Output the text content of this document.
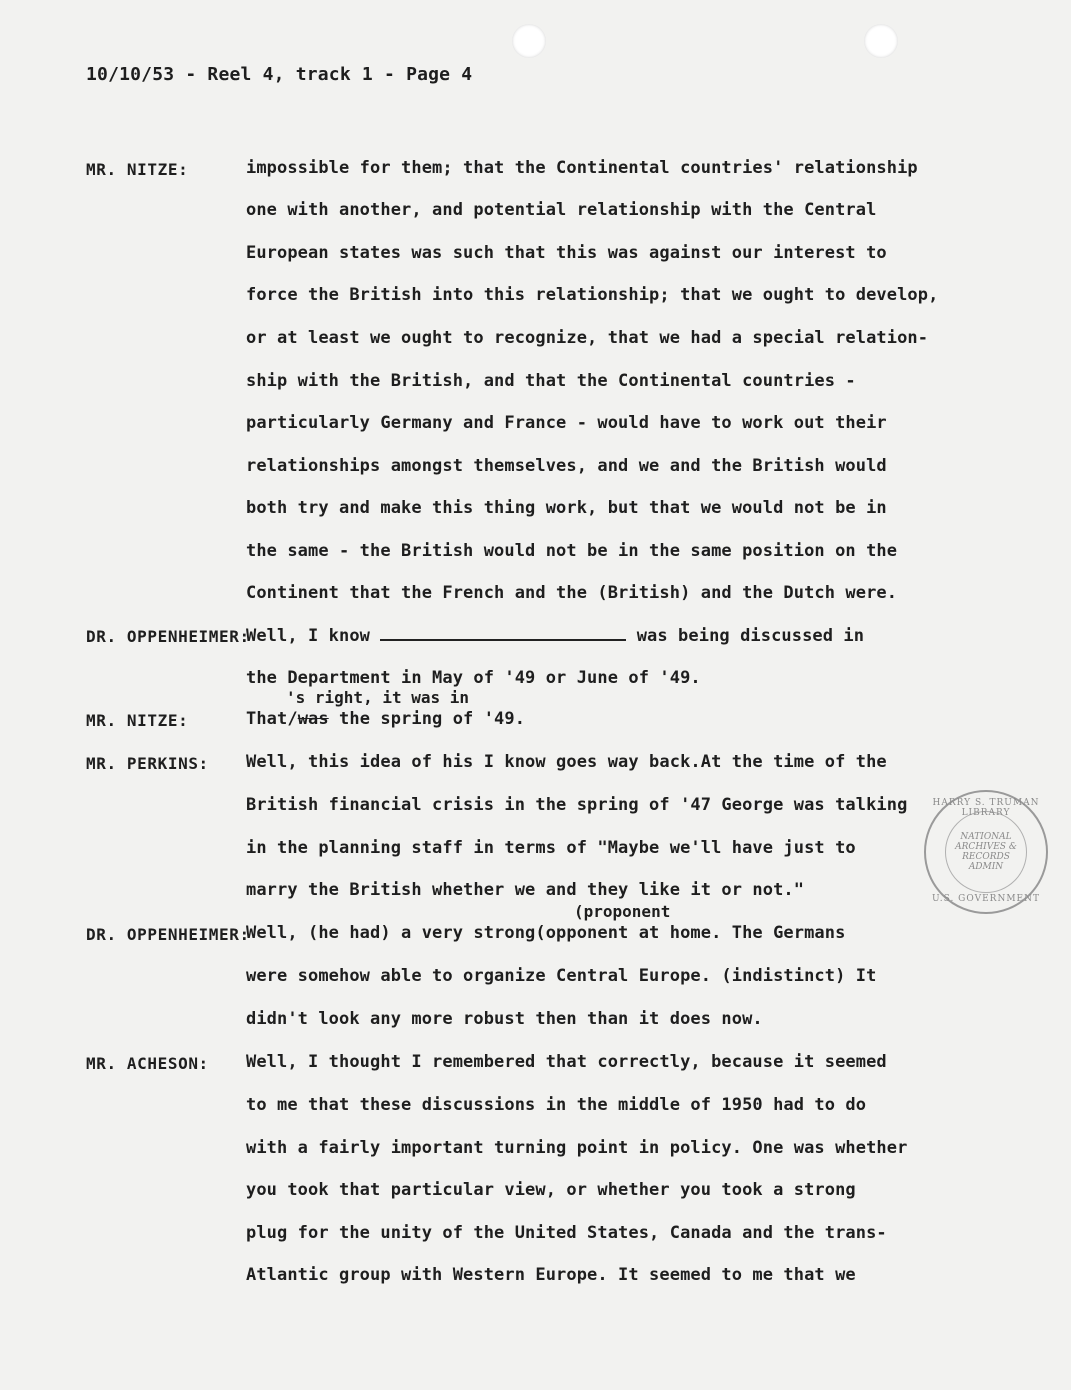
10/10/53 - Reel 4, track 1 - Page 4
MR. NITZE:	impossible for them; that the Continental countries' relationship
one with another, and potential relationship with the Central
European states was such that this was against our interest to
force the British into this relationship; that we ought to develop,
or at least we ought to recognize, that we had a special relation-
ship with the British, and that the Continental countries -
particularly Germany and France - would have to work out their
relationships amongst themselves, and we and the British would
both try and make this thing work, but that we would not be in
the same - the British would not be in the same position on the
Continent that the French and the (British) and the Dutch were.
DR. OPPENHEIMER:
Well, I know	was being discussed in
the Department in May of '49 or June of '49.
's right, it was in
MR. NITZE:	That/was the spring of '49.
MR. PERKINS: Well, this idea of his I know goes way back.At the time of the
British financial crisis in the spring of '47 George was talking
in the planning staff in terms of "Maybe we'll have just to
marry the British whether we and they like it or not."
(proponent
DR. OPPENHEIMER:
Well, (he had) a very strong(opponent at home. The Germans
were somehow able to organize Central Europe. (indistinct) It
didn't look any more robust then than it does now.
MR. ACHESON: Well, I thought I remembered that correctly, because it seemed
to me that these discussions in the middle of 1950 had to do
with a fairly important turning point in policy. One was whether
you took that particular view, or whether you took a strong
plug for the unity of the United States, Canada and the trans-
Atlantic group with Western Europe. It seemed to me that we
HARRY S. TRUMAN LIBRARY
NATIONAL
ARCHIVES &
RECORDS
ADMIN
U.S. GOVERNMENT
